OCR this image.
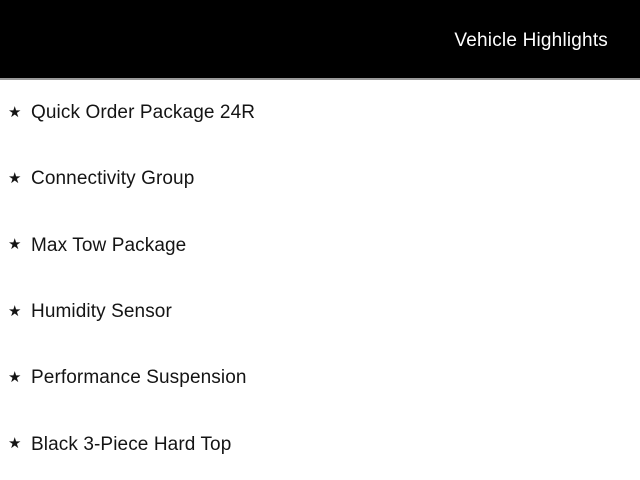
Vehicle Highlights
★ Quick Order Package 24R
★ Connectivity Group
★ Max Tow Package
★ Humidity Sensor
★ Performance Suspension
★ Black 3-Piece Hard Top
